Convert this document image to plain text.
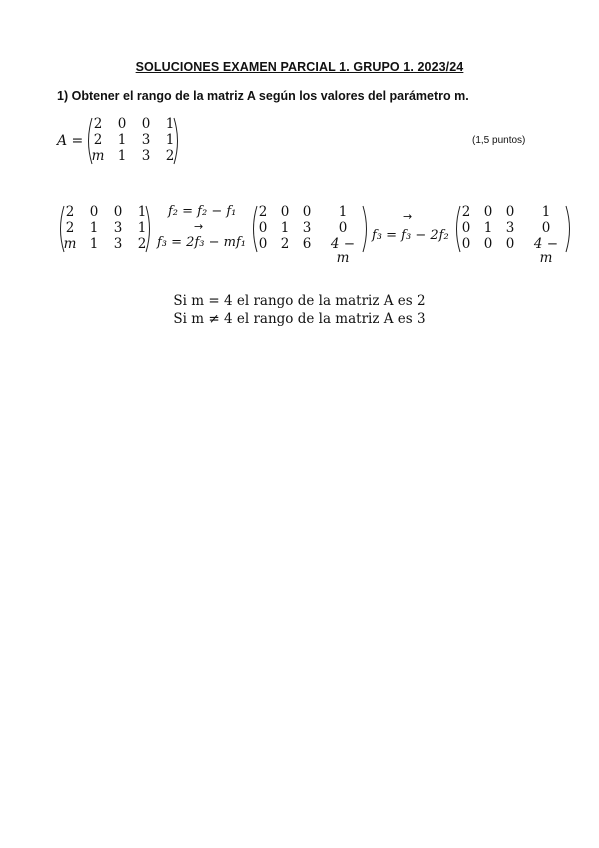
SOLUCIONES EXAMEN PARCIAL 1. GRUPO 1. 2023/24
1) Obtener el rango de la matriz A según los valores del parámetro m.
A =
2 0 0 1
2 1 3 1
m 1 3 2
(1,5 puntos)
2 0 0 1
2 1 3 1
m 1 3 2
f₂ = f₂ − f₁
→
f₃ = 2f₃ − mf₁
2 0 0	1
0 1 3	0
0 2 6	4 − m
→
f₃ = f₃ − 2f₂
2 0 0	1
0 1 3	0
0 0 0	4 − m
Si m = 4 el rango de la matriz A es 2
Si m ≠ 4 el rango de la matriz A es 3
